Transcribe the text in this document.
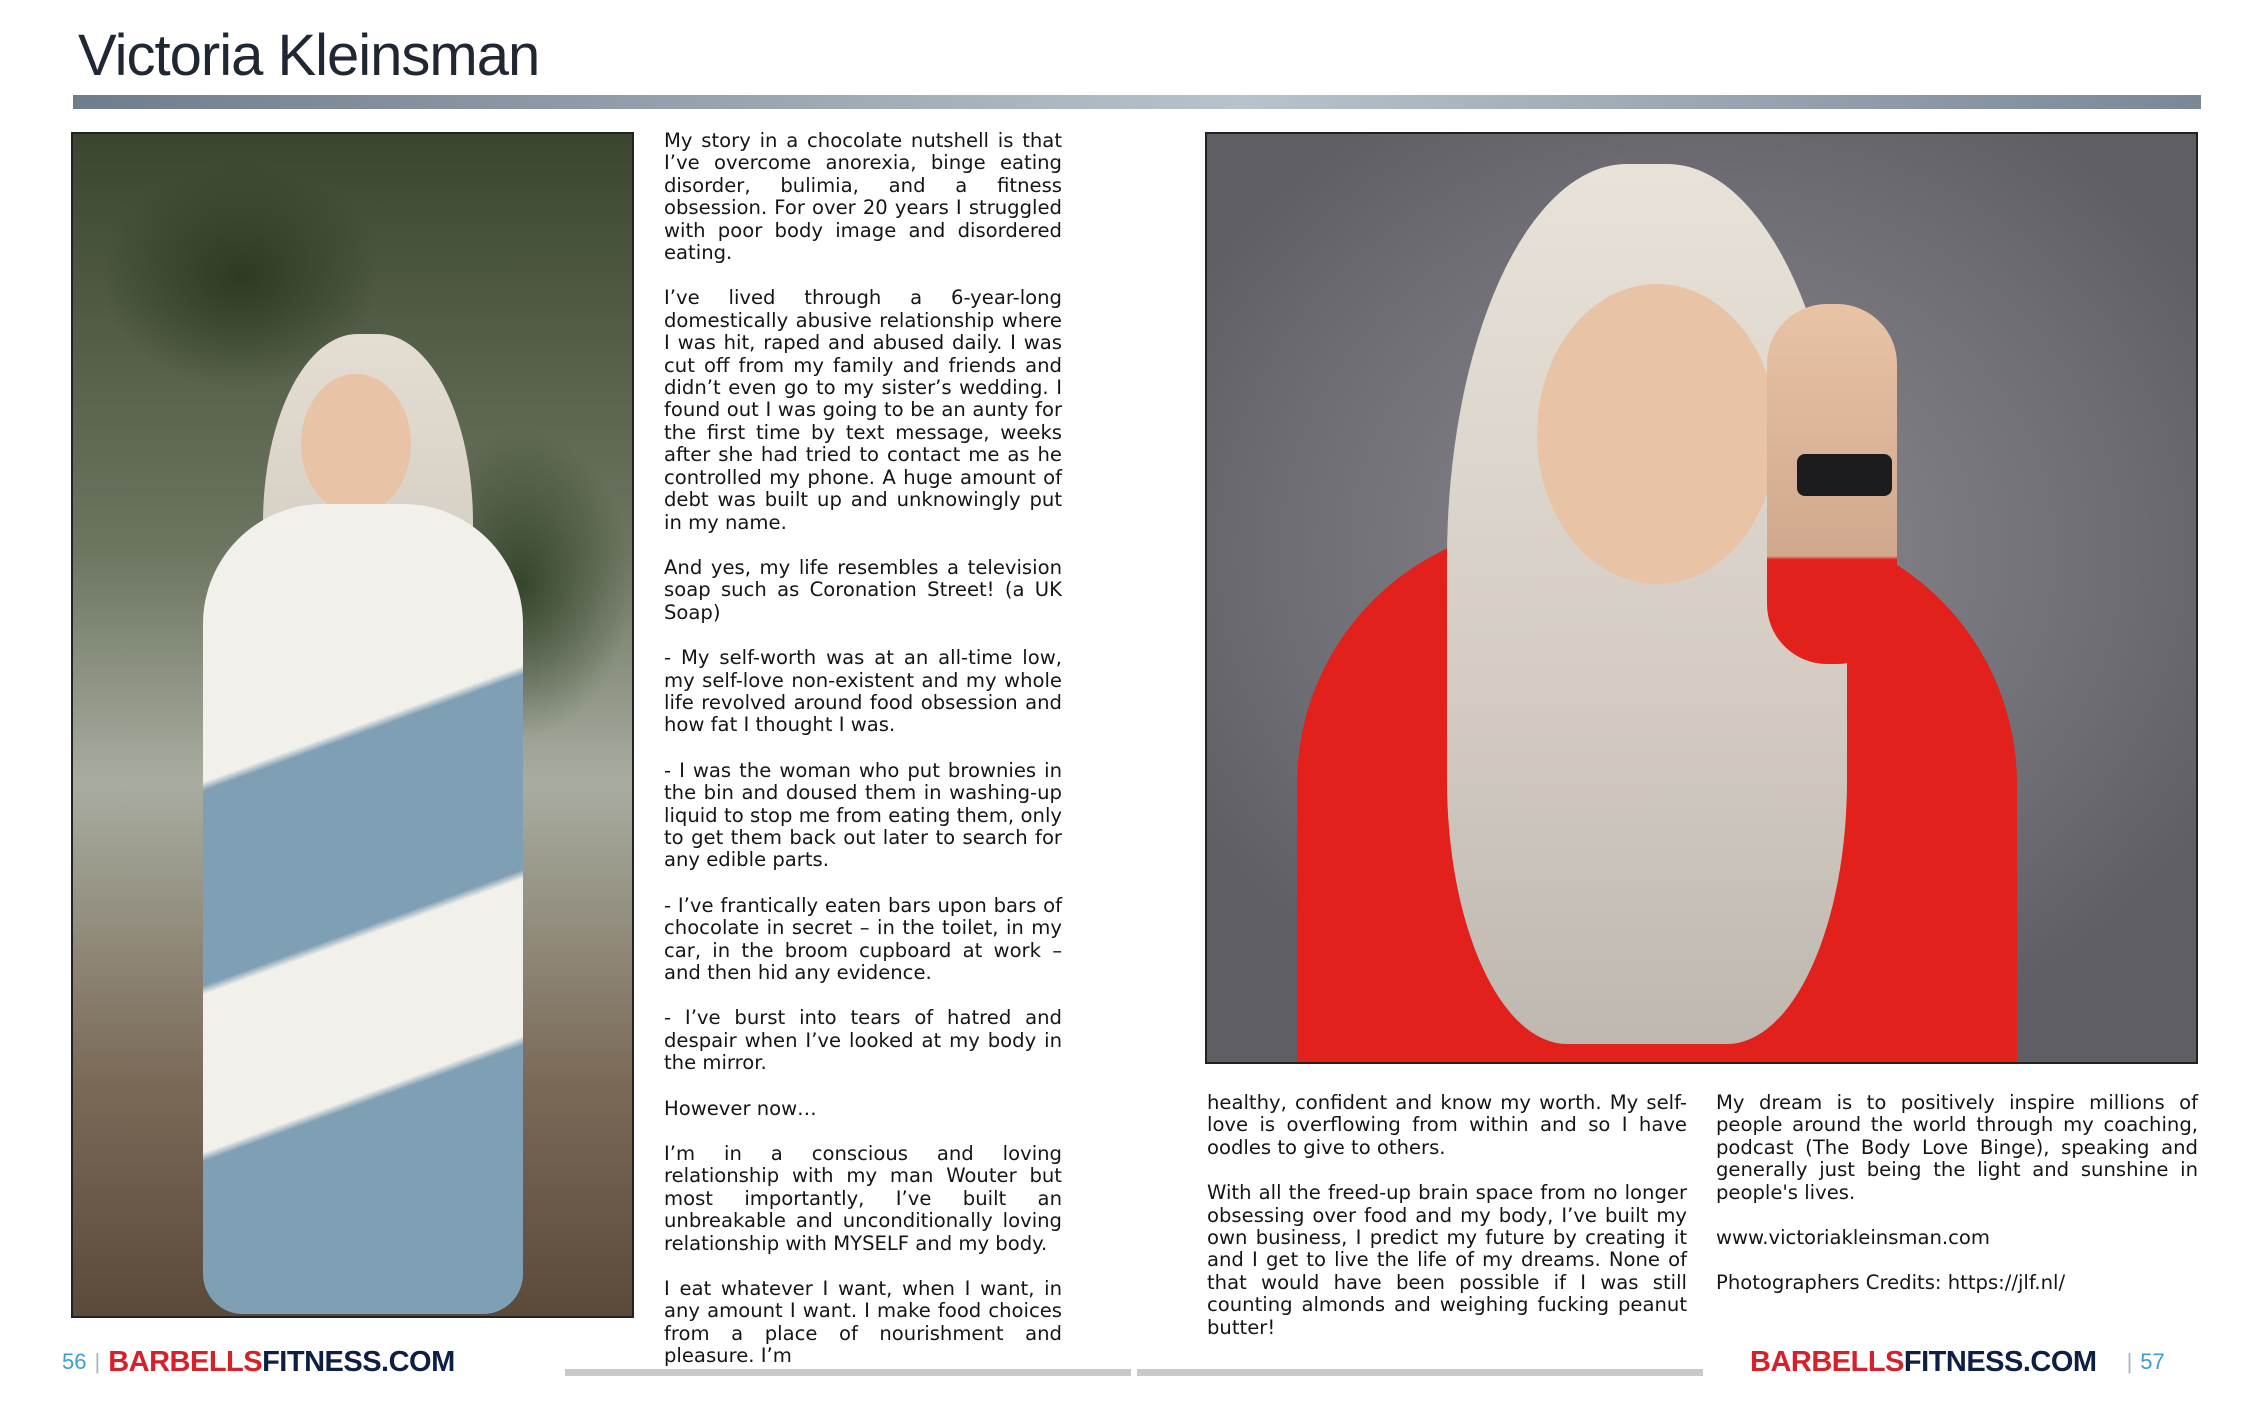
Victoria Kleinsman

My story in a chocolate nutshell is that I’ve overcome anorexia, binge eating disorder, bulimia, and a fitness obsession. For over 20 years I struggled with poor body image and disordered eating.

I’ve lived through a 6-year-long domestically abusive relationship where I was hit, raped and abused daily. I was cut off from my family and friends and didn’t even go to my sister’s wedding. I found out I was going to be an aunty for the first time by text message, weeks after she had tried to contact me as he controlled my phone. A huge amount of debt was built up and unknowingly put in my name.

And yes, my life resembles a television soap such as Coronation Street! (a UK Soap)

- My self-worth was at an all-time low, my self-love non-existent and my whole life revolved around food obsession and how fat I thought I was.

- I was the woman who put brownies in the bin and doused them in washing-up liquid to stop me from eating them, only to get them back out later to search for any edible parts.

- I’ve frantically eaten bars upon bars of chocolate in secret – in the toilet, in my car, in the broom cupboard at work – and then hid any evidence.

- I’ve burst into tears of hatred and despair when I’ve looked at my body in the mirror.

However now…

I’m in a conscious and loving relationship with my man Wouter but most importantly, I’ve built an unbreakable and unconditionally loving relationship with MYSELF and my body.

I eat whatever I want, when I want, in any amount I want. I make food choices from a place of nourishment and pleasure. I’m

healthy, confident and know my worth. My self-love is overflowing from within and so I have oodles to give to others.

With all the freed-up brain space from no longer obsessing over food and my body, I’ve built my own business, I predict my future by creating it and I get to live the life of my dreams. None of that would have been possible if I was still counting almonds and weighing fucking peanut butter!

My dream is to positively inspire millions of people around the world through my coaching, podcast (The Body Love Binge), speaking and generally just being the light and sunshine in people's lives.

www.victoriakleinsman.com

Photographers Credits: https://jlf.nl/

56 | BARBELLSFITNESS.COM	BARBELLSFITNESS.COM | 57
